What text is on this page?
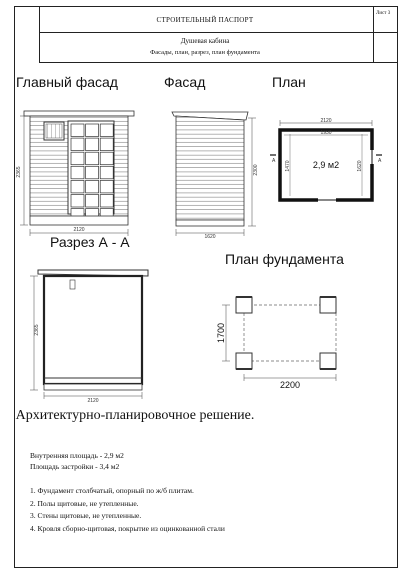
СТРОИТЕЛЬНЫЙ ПАСПОРТ
Лист 3
Душевая кабина
Фасады, план, разрез, план фундамента
Главный фасад	Фасад	План
Разрез А - А
План фундамента
2365
2120
2300
1620
2120
1930
1470	1620
2,9 м2
A	A
2365
2120
1700
2200
Архитектурно-планировочное решение.
Внутренняя площадь - 2,9 м2
Площадь застройки - 3,4 м2
1. Фундамент столбчатый, опорный по ж/б плитам.
2. Полы щитовые, не утепленные.
3. Стены щитовые, не утепленные.
4. Кровля сборно-щитовая, покрытие из оцинкованной стали
